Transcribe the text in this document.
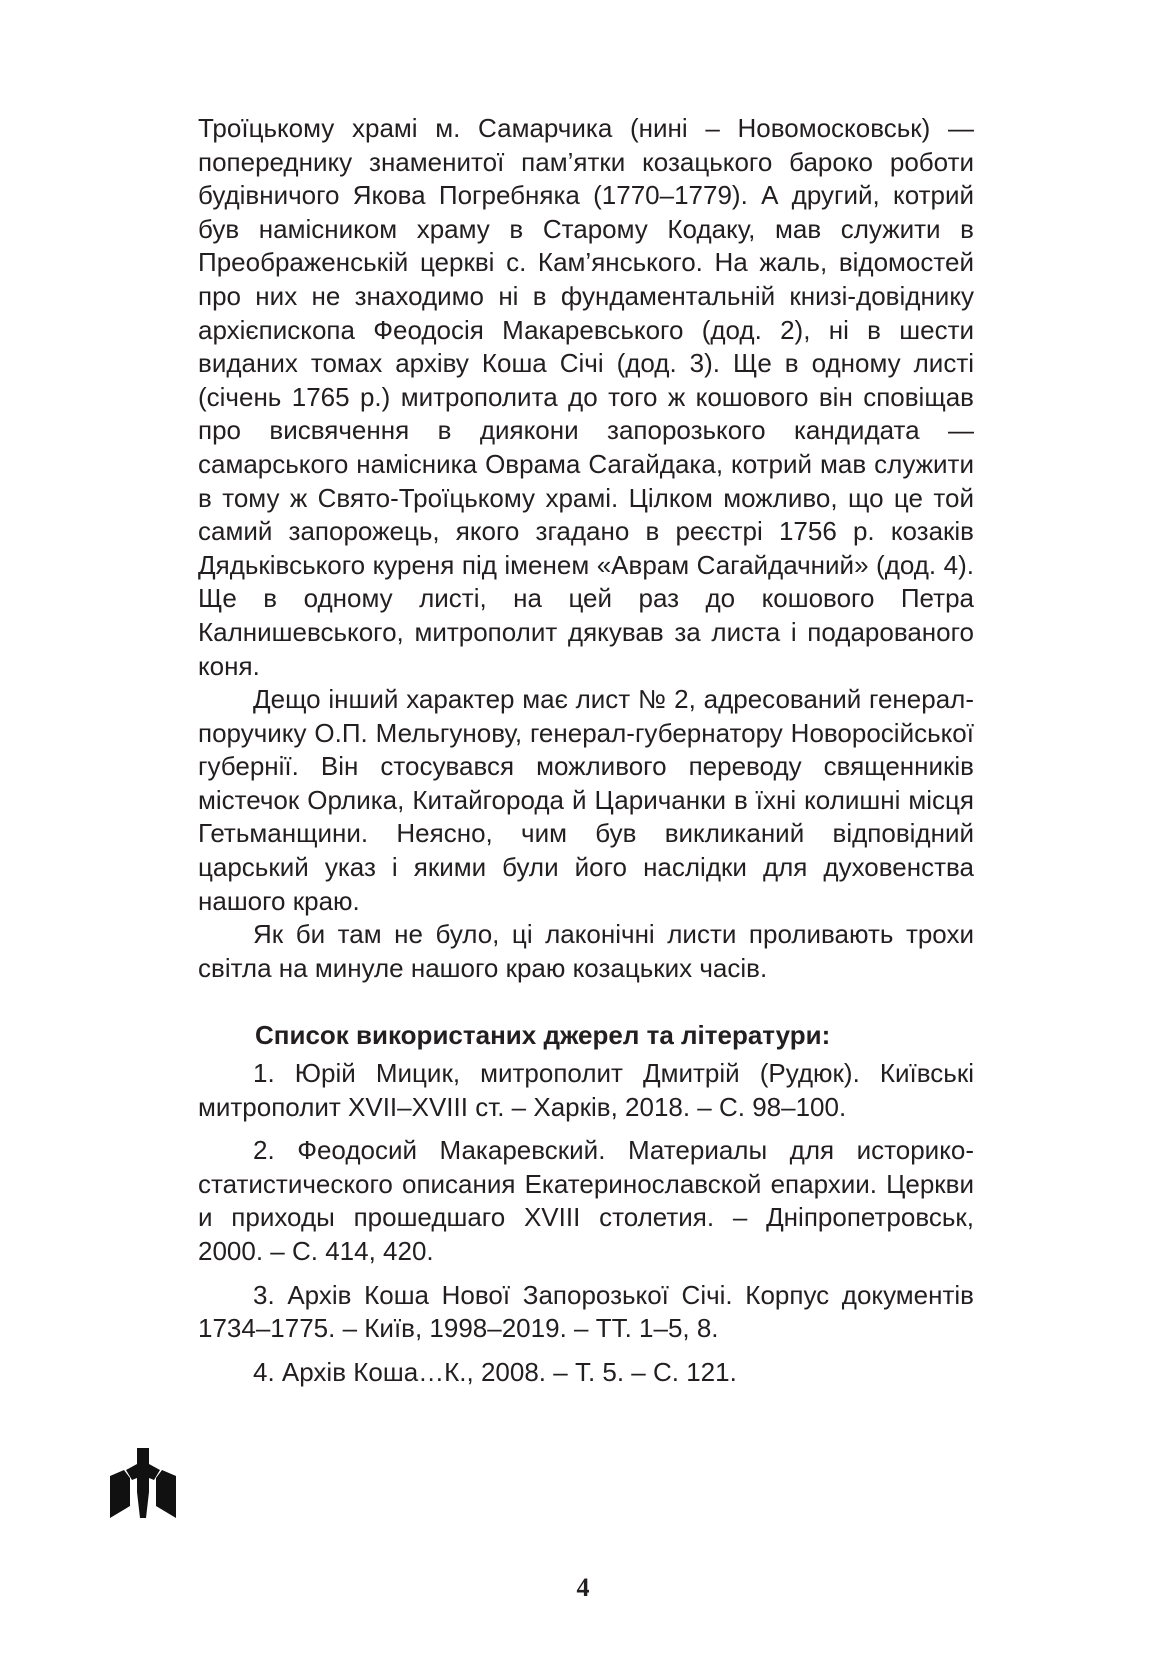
Троїцькому храмі м. Самарчика (нині – Новомосковськ) — попереднику знаменитої пам’ятки козацького бароко роботи будівничого Якова Погребняка (1770–1779). А другий, котрий був намісником храму в Старому Кодаку, мав служити в Преображенській церкві с. Кам’янського. На жаль, відомостей про них не знаходимо ні в фундаментальній книзі-довіднику архієпископа Феодосія Макаревського (дод. 2), ні в шести виданих томах архіву Коша Січі (дод. 3). Ще в одному листі (січень 1765 р.) митрополита до того ж кошового він сповіщав про висвячення в диякони запорозького кандидата — самарського намісника Оврама Сагайдака, котрий мав служити в тому ж Свято-Троїцькому храмі. Цілком можливо, що це той самий запорожець, якого згадано в реєстрі 1756 р. козаків Дядьківського куреня під іменем «Аврам Сагайдачний» (дод. 4). Ще в одному листі, на цей раз до кошового Петра Калнишевського, митрополит дякував за листа і подарованого коня.

Дещо інший характер має лист № 2, адресований генерал-поручику О.П. Мельгунову, генерал-губернатору Новоросійської губернії. Він стосувався можливого переводу священників містечок Орлика, Китайгорода й Царичанки в їхні колишні місця Гетьманщини. Неясно, чим був викликаний відповідний царський указ і якими були його наслідки для духовенства нашого краю.

Як би там не було, ці лаконічні листи проливають трохи світла на минуле нашого краю козацьких часів.

Список використаних джерел та літератури:

1. Юрій Мицик, митрополит Дмитрій (Рудюк). Київські митрополит XVII–XVIII ст. – Харків, 2018. – С. 98–100.

2. Феодосий Макаревский. Материалы для историко-статистического описания Екатеринославской епархии. Церкви и приходы прошедшаго XVIII столетия. – Дніпропетровськ, 2000. – С. 414, 420.

3. Архів Коша Нової Запорозької Січі. Корпус документів 1734–1775. – Київ, 1998–2019. – ТТ. 1–5, 8.

4. Архів Коша…К., 2008. – Т. 5. – С. 121.

4
